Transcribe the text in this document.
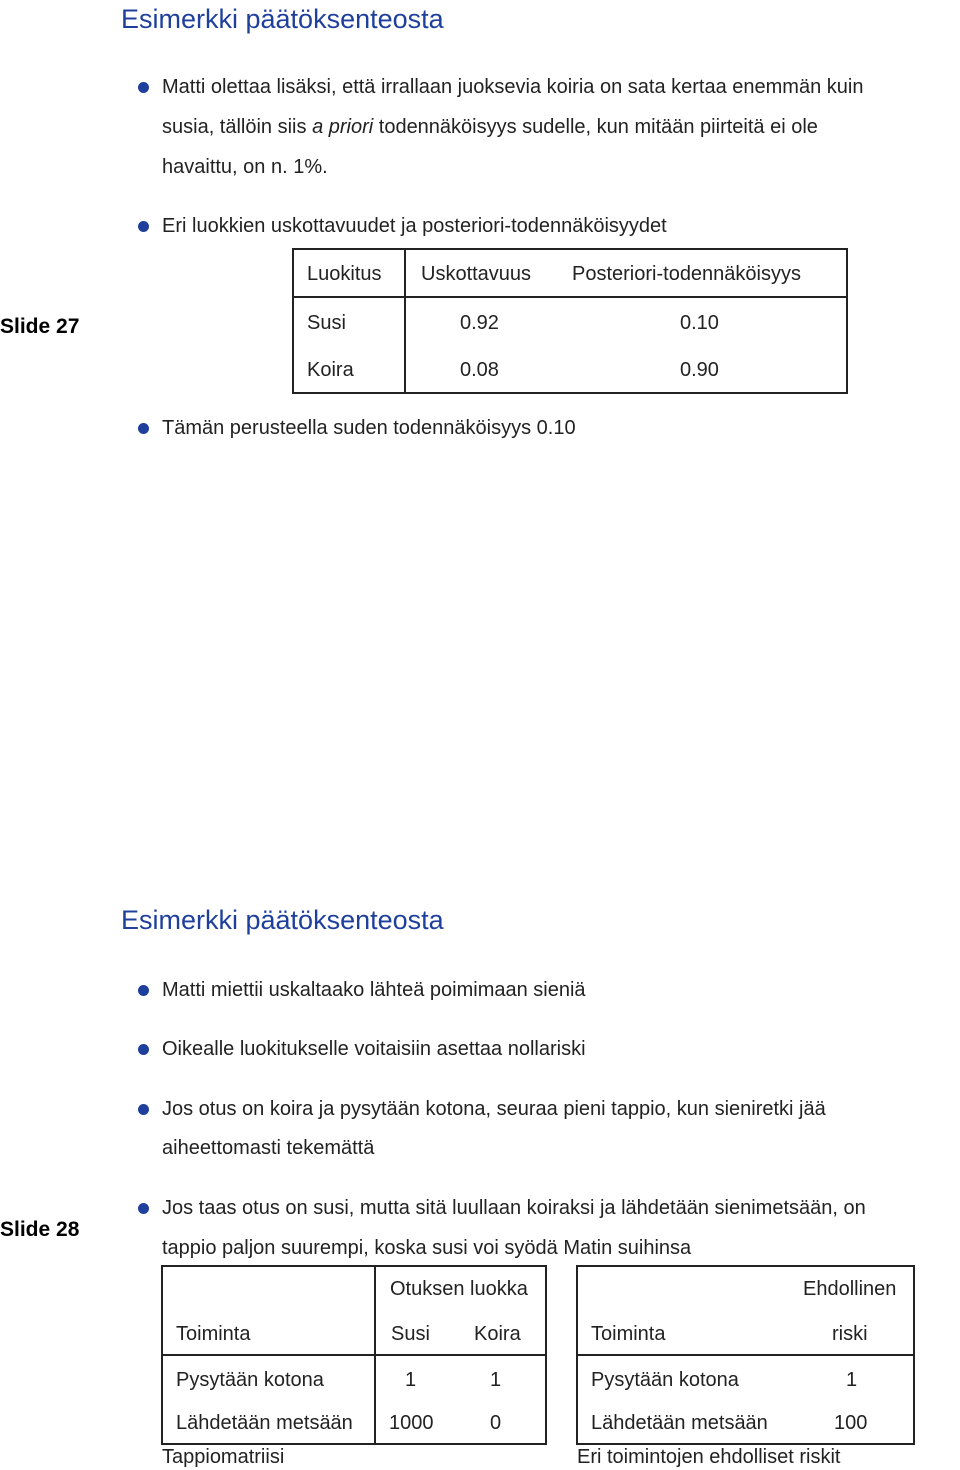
Esimerkki päätöksenteosta
Slide 27
Matti olettaa lisäksi, että irrallaan juoksevia koiria on sata kertaa enemmän kuin
susia, tällöin siis a priori todennäköisyys sudelle, kun mitään piirteitä ei ole
havaittu, on n. 1%.
Eri luokkien uskottavuudet ja posteriori-todennäköisyydet
Luokitus Uskottavuus Posteriori-todennäköisyys
Susi	0.92	0.10
Koira	0.08	0.90
Tämän perusteella suden todennäköisyys 0.10
Esimerkki päätöksenteosta
Slide 28
Matti miettii uskaltaako lähteä poimimaan sieniä
Oikealle luokitukselle voitaisiin asettaa nollariski
Jos otus on koira ja pysytään kotona, seuraa pieni tappio, kun sieniretki jää
aiheettomasti tekemättä
Jos taas otus on susi, mutta sitä luullaan koiraksi ja lähdetään sienimetsään, on
tappio paljon suurempi, koska susi voi syödä Matin suihinsa
Otuksen luokka
Toiminta	Susi Koira
Pysytään kotona	1	1
Lähdetään metsään 1000	0
Tappiomatriisi
Ehdollinen
Toiminta	riski
Pysytään kotona	1
Lähdetään metsään	100
Eri toimintojen ehdolliset riskit
